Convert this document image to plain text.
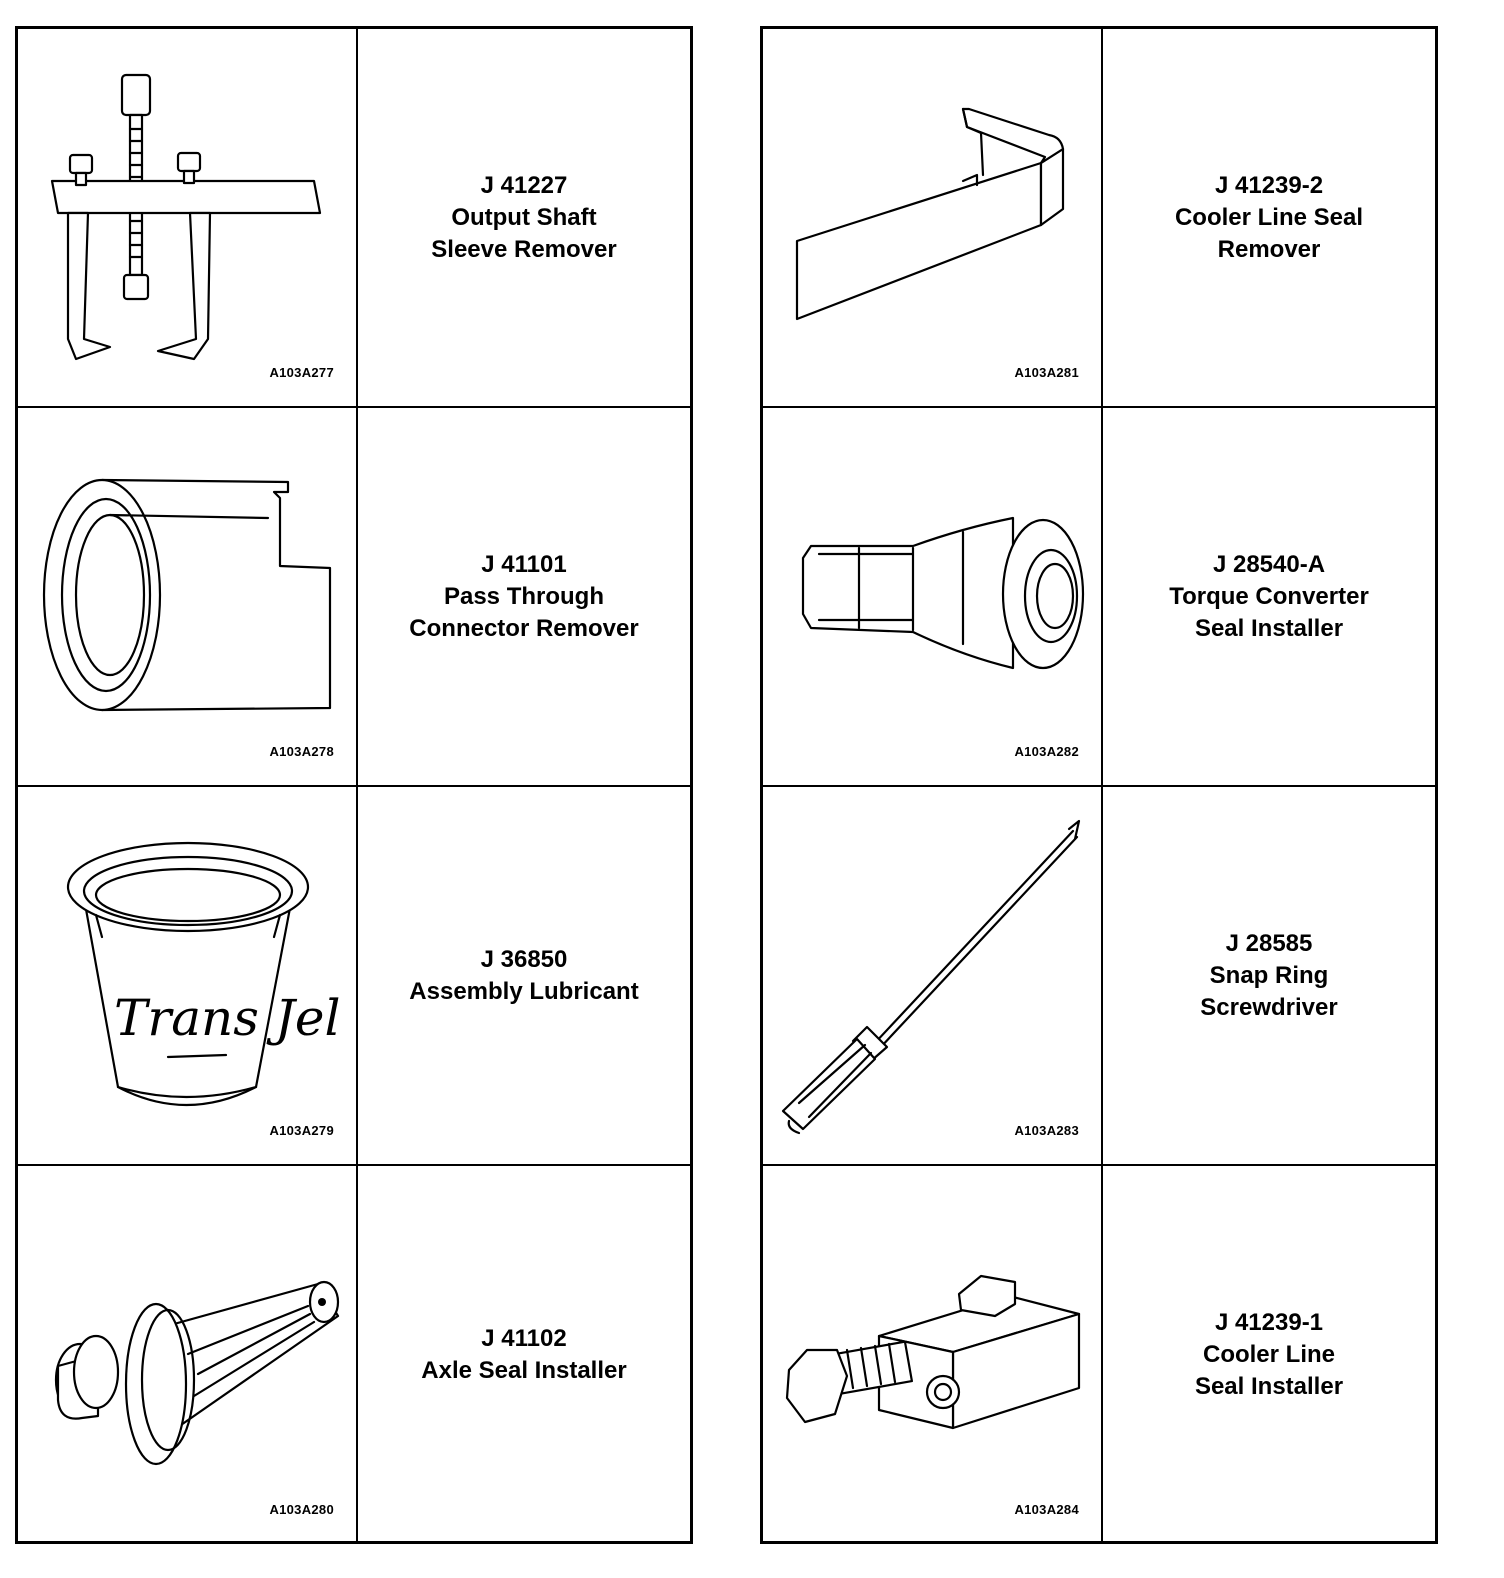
A103A277
J 41227
Output Shaft
Sleeve Remover
A103A278
J 41101
Pass Through
Connector Remover
Trans Jel
A103A279
J 36850
Assembly Lubricant
A103A280
J 41102
Axle Seal Installer
A103A281
J 41239-2
Cooler Line Seal
Remover
A103A282
J 28540-A
Torque Converter
Seal Installer
A103A283
J 28585
Snap Ring
Screwdriver
A103A284
J 41239-1
Cooler Line
Seal Installer
